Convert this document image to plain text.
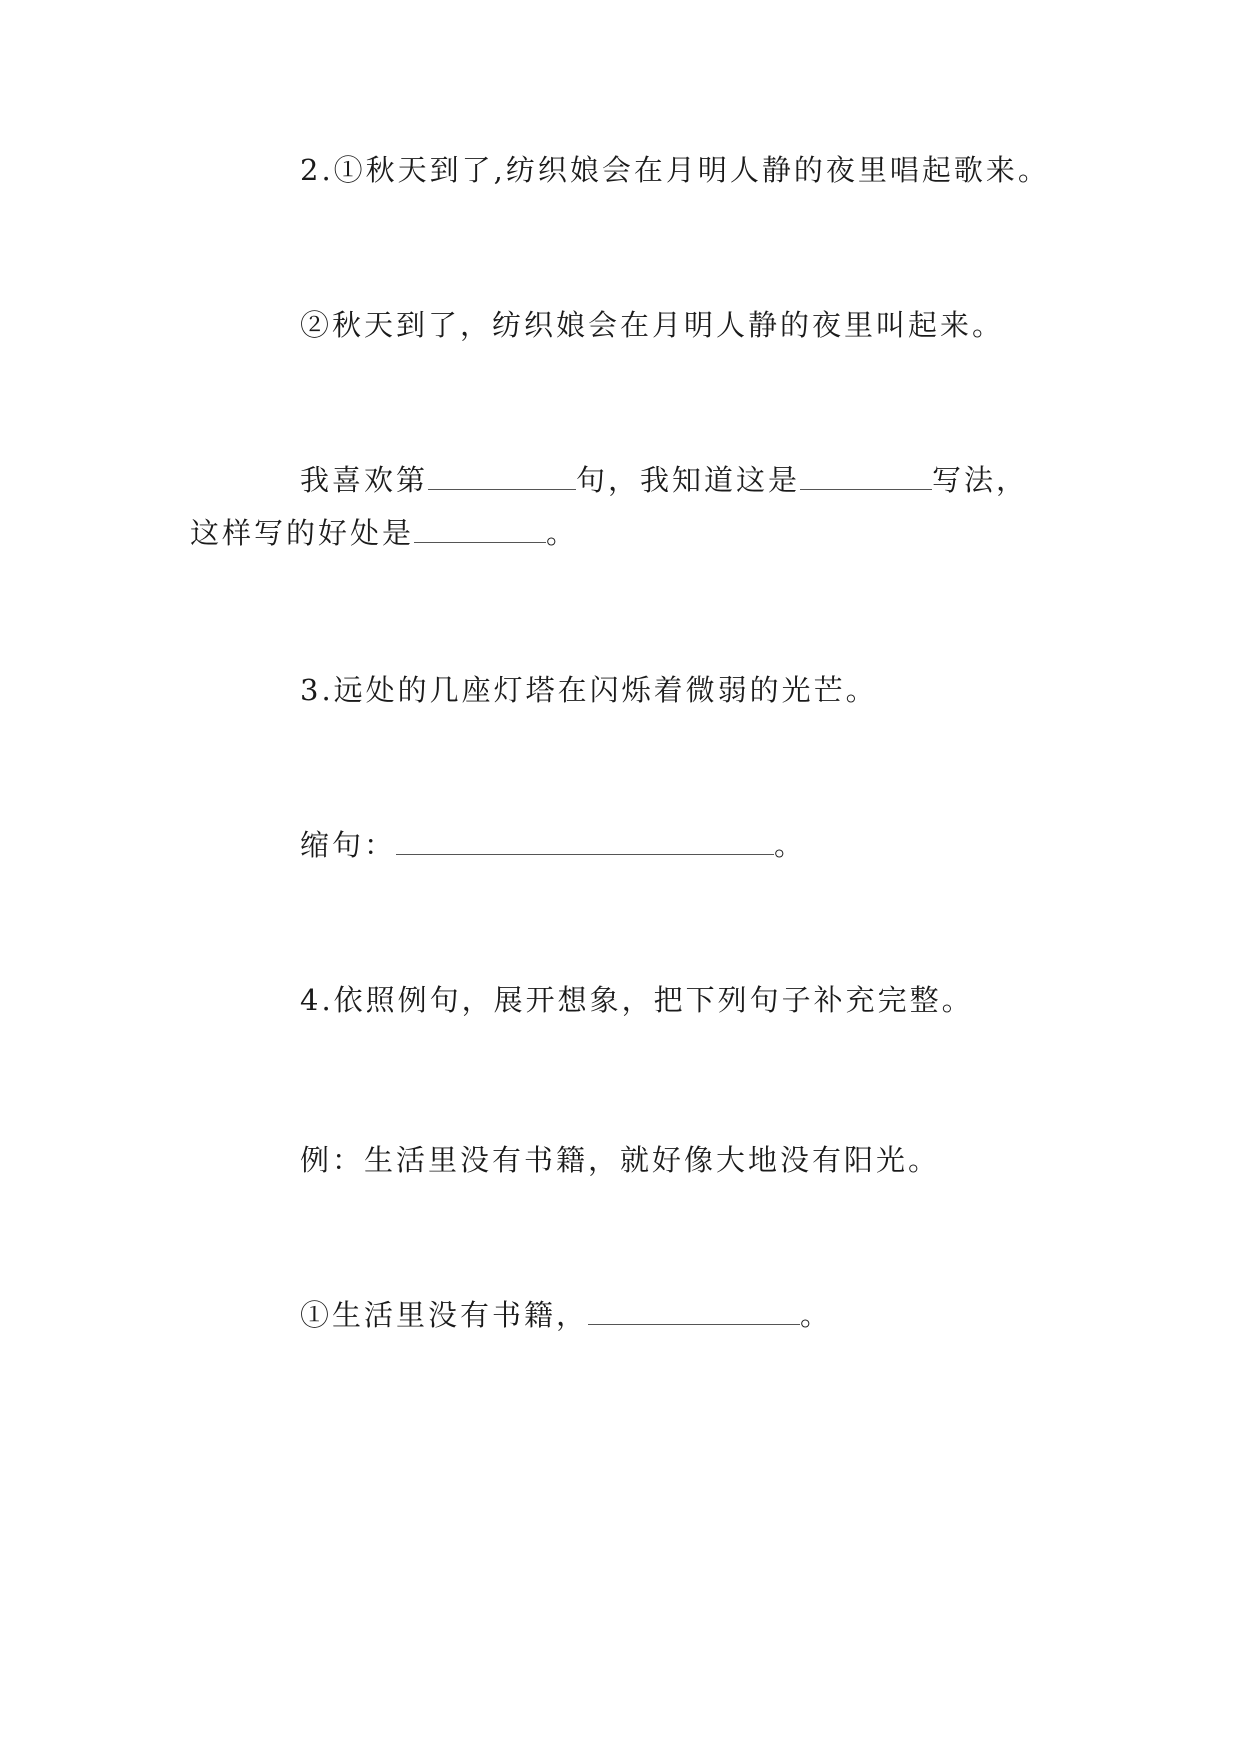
2.①秋天到了,纺织娘会在月明人静的夜里唱起歌来。

②秋天到了，纺织娘会在月明人静的夜里叫起来。

我喜欢第	句，我知道这是	写法，

这样写的好处是	。

3.远处的几座灯塔在闪烁着微弱的光芒。

缩句：	。

4.依照例句，展开想象，把下列句子补充完整。

例：生活里没有书籍，就好像大地没有阳光。

①生活里没有书籍，	。
